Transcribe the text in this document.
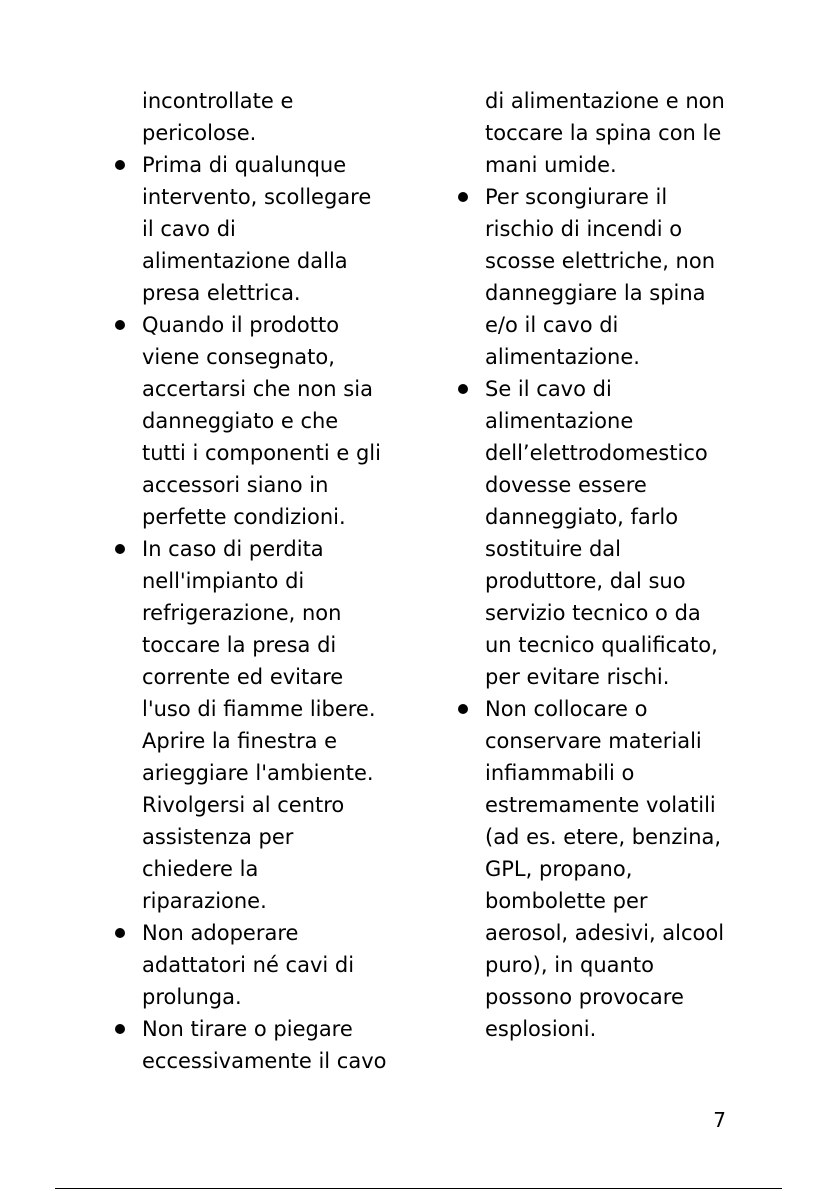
incontrollate e
pericolose.
Prima di qualunque
intervento, scollegare
il cavo di
alimentazione dalla
presa elettrica.
Quando il prodotto
viene consegnato,
accertarsi che non sia
danneggiato e che
tutti i componenti e gli
accessori siano in
perfette condizioni.
In caso di perdita
nell'impianto di
refrigerazione, non
toccare la presa di
corrente ed evitare
l'uso di fiamme libere.
Aprire la finestra e
arieggiare l'ambiente.
Rivolgersi al centro
assistenza per
chiedere la
riparazione.
Non adoperare
adattatori né cavi di
prolunga.
Non tirare o piegare
eccessivamente il cavo
di alimentazione e non
toccare la spina con le
mani umide.
Per scongiurare il
rischio di incendi o
scosse elettriche, non
danneggiare la spina
e/o il cavo di
alimentazione.
Se il cavo di
alimentazione
dell’elettrodomestico
dovesse essere
danneggiato, farlo
sostituire dal
produttore, dal suo
servizio tecnico o da
un tecnico qualificato,
per evitare rischi.
Non collocare o
conservare materiali
infiammabili o
estremamente volatili
(ad es. etere, benzina,
GPL, propano,
bombolette per
aerosol, adesivi, alcool
puro), in quanto
possono provocare
esplosioni.
7
